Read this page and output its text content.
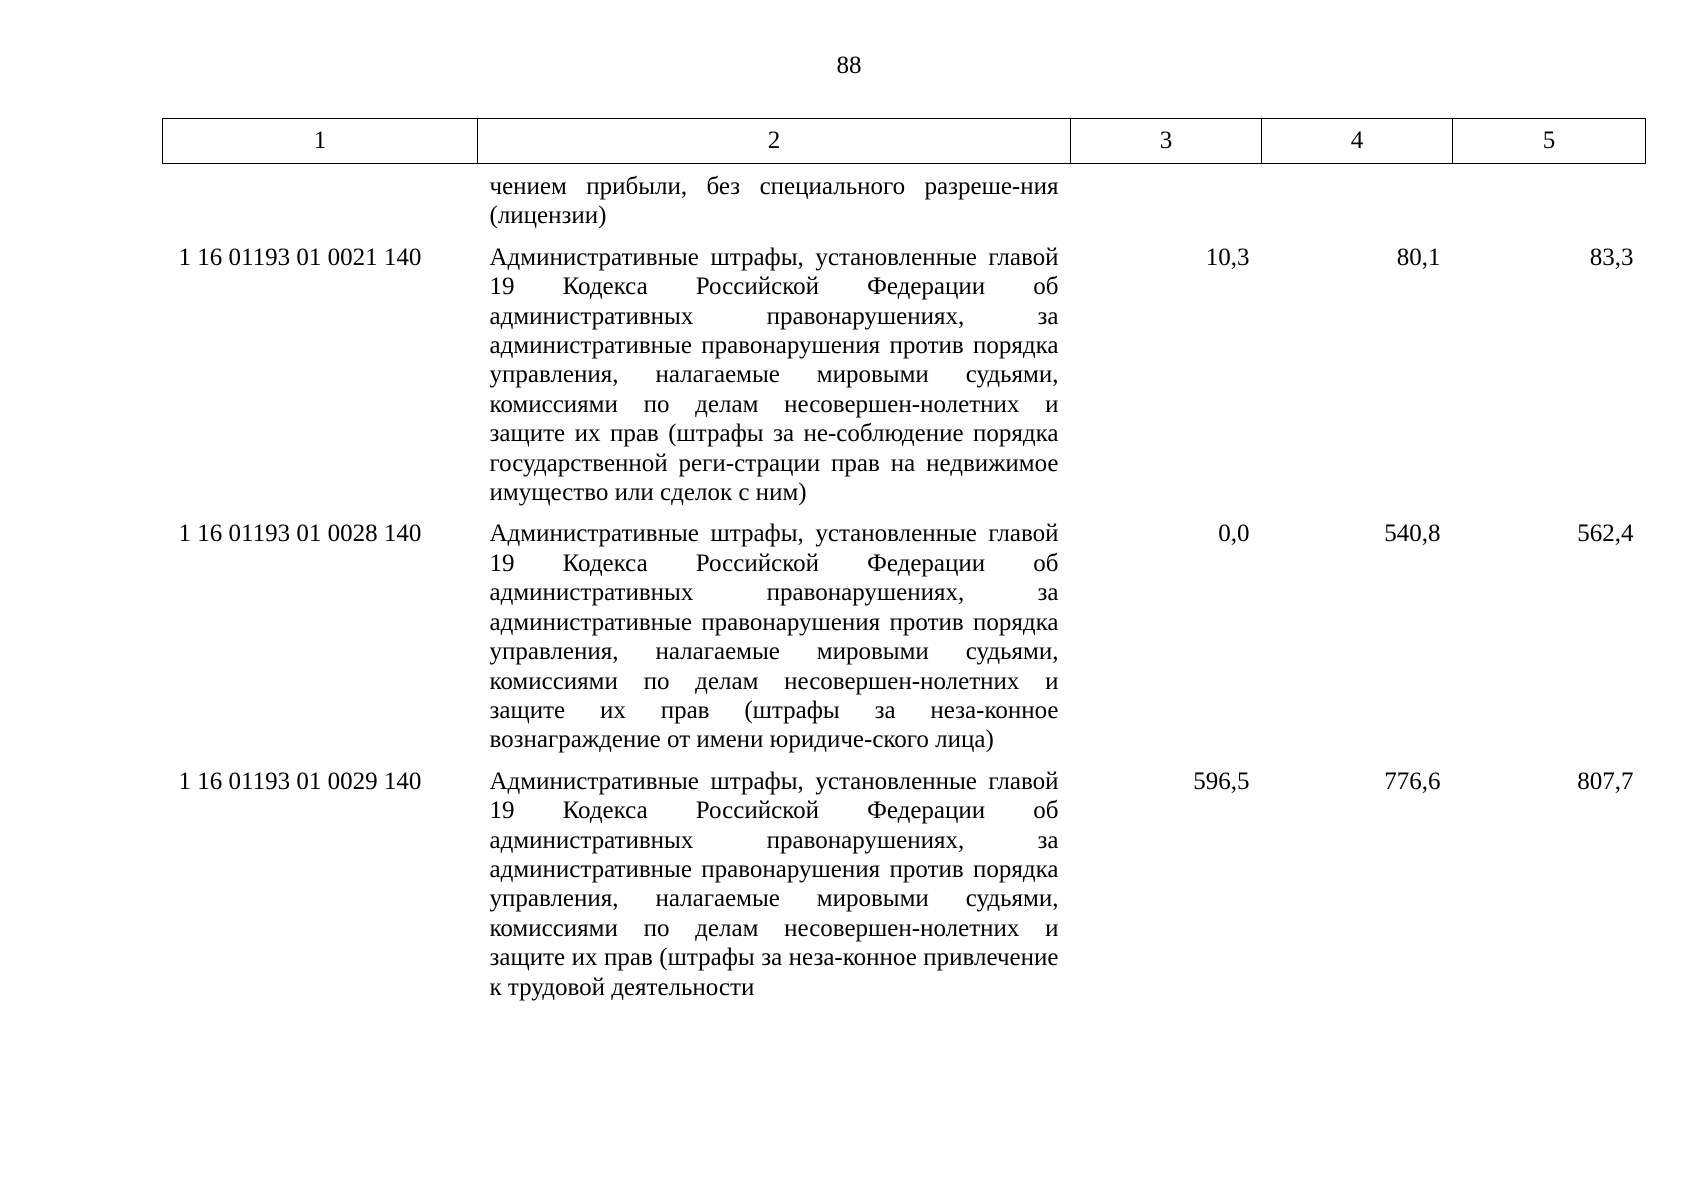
88
1	2	3	4	5

	чением прибыли, без специального разреше-ния (лицензии)			

1 16 01193 01 0021 140	Административные штрафы, установленные главой 19 Кодекса Российской Федерации об административных правонарушениях, за административные правонарушения против порядка управления, налагаемые мировыми судьями, комиссиями по делам несовершен-нолетних и защите их прав (штрафы за не-соблюдение порядка государственной реги-страции прав на недвижимое имущество или сделок с ним)	10,3	80,1	83,3
1 16 01193 01 0028 140	Административные штрафы, установленные главой 19 Кодекса Российской Федерации об административных правонарушениях, за административные правонарушения против порядка управления, налагаемые мировыми судьями, комиссиями по делам несовершен-нолетних и защите их прав (штрафы за неза-конное вознаграждение от имени юридиче-ского лица)	0,0	540,8	562,4
1 16 01193 01 0029 140	Административные штрафы, установленные главой 19 Кодекса Российской Федерации об административных правонарушениях, за административные правонарушения против порядка управления, налагаемые мировыми судьями, комиссиями по делам несовершен-нолетних и защите их прав (штрафы за неза-конное привлечение к трудовой деятельности	596,5	776,6	807,7
